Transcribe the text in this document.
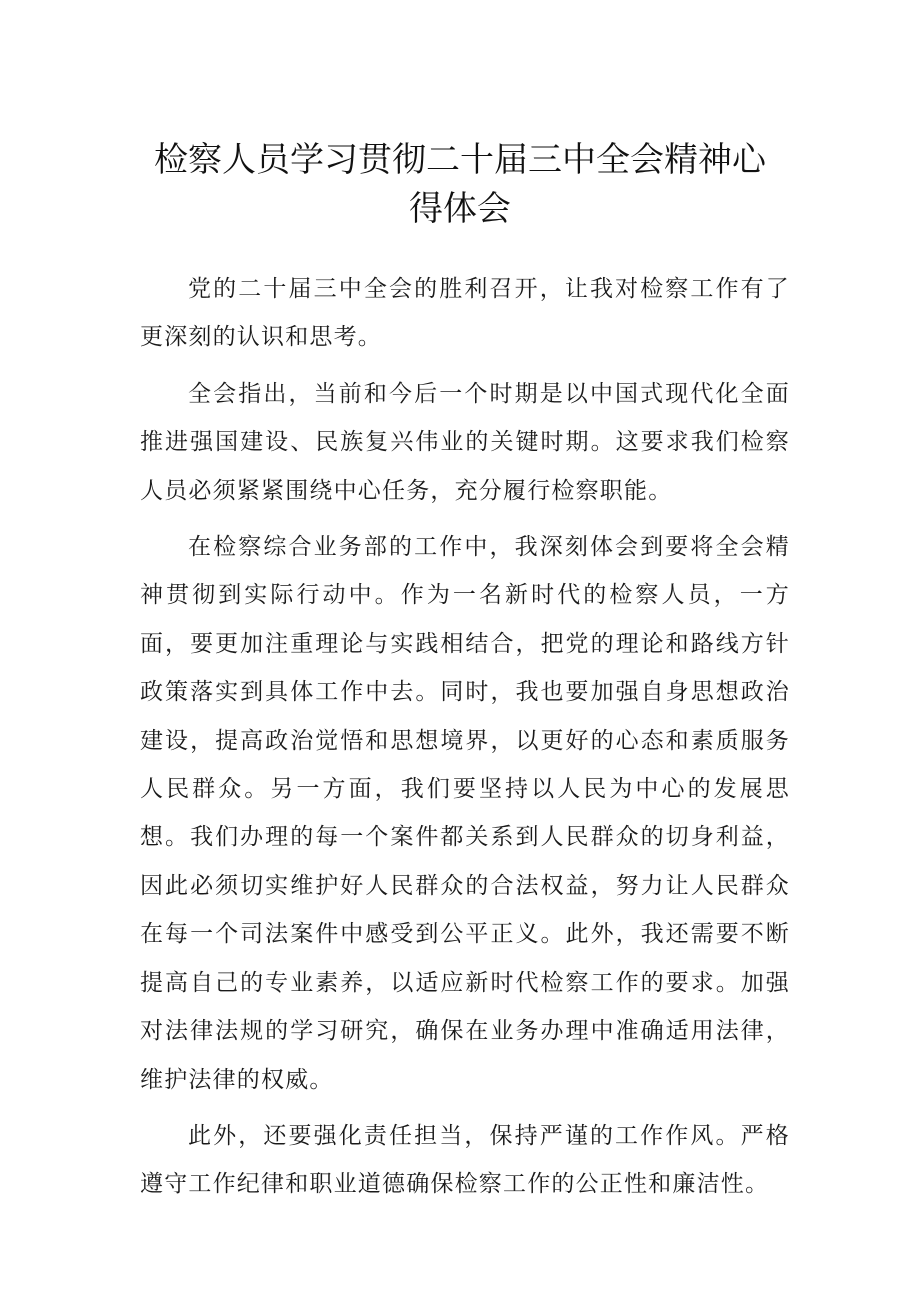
检察人员学习贯彻二十届三中全会精神心得体会

党的二十届三中全会的胜利召开，让我对检察工作有了更深刻的认识和思考。

全会指出，当前和今后一个时期是以中国式现代化全面推进强国建设、民族复兴伟业的关键时期。这要求我们检察人员必须紧紧围绕中心任务，充分履行检察职能。

在检察综合业务部的工作中，我深刻体会到要将全会精神贯彻到实际行动中。作为一名新时代的检察人员，一方面，要更加注重理论与实践相结合，把党的理论和路线方针政策落实到具体工作中去。同时，我也要加强自身思想政治建设，提高政治觉悟和思想境界，以更好的心态和素质服务人民群众。另一方面，我们要坚持以人民为中心的发展思想。我们办理的每一个案件都关系到人民群众的切身利益，因此必须切实维护好人民群众的合法权益，努力让人民群众在每一个司法案件中感受到公平正义。此外，我还需要不断提高自己的专业素养，以适应新时代检察工作的要求。加强对法律法规的学习研究，确保在业务办理中准确适用法律，维护法律的权威。

此外，还要强化责任担当，保持严谨的工作作风。严格遵守工作纪律和职业道德确保检察工作的公正性和廉洁性。
